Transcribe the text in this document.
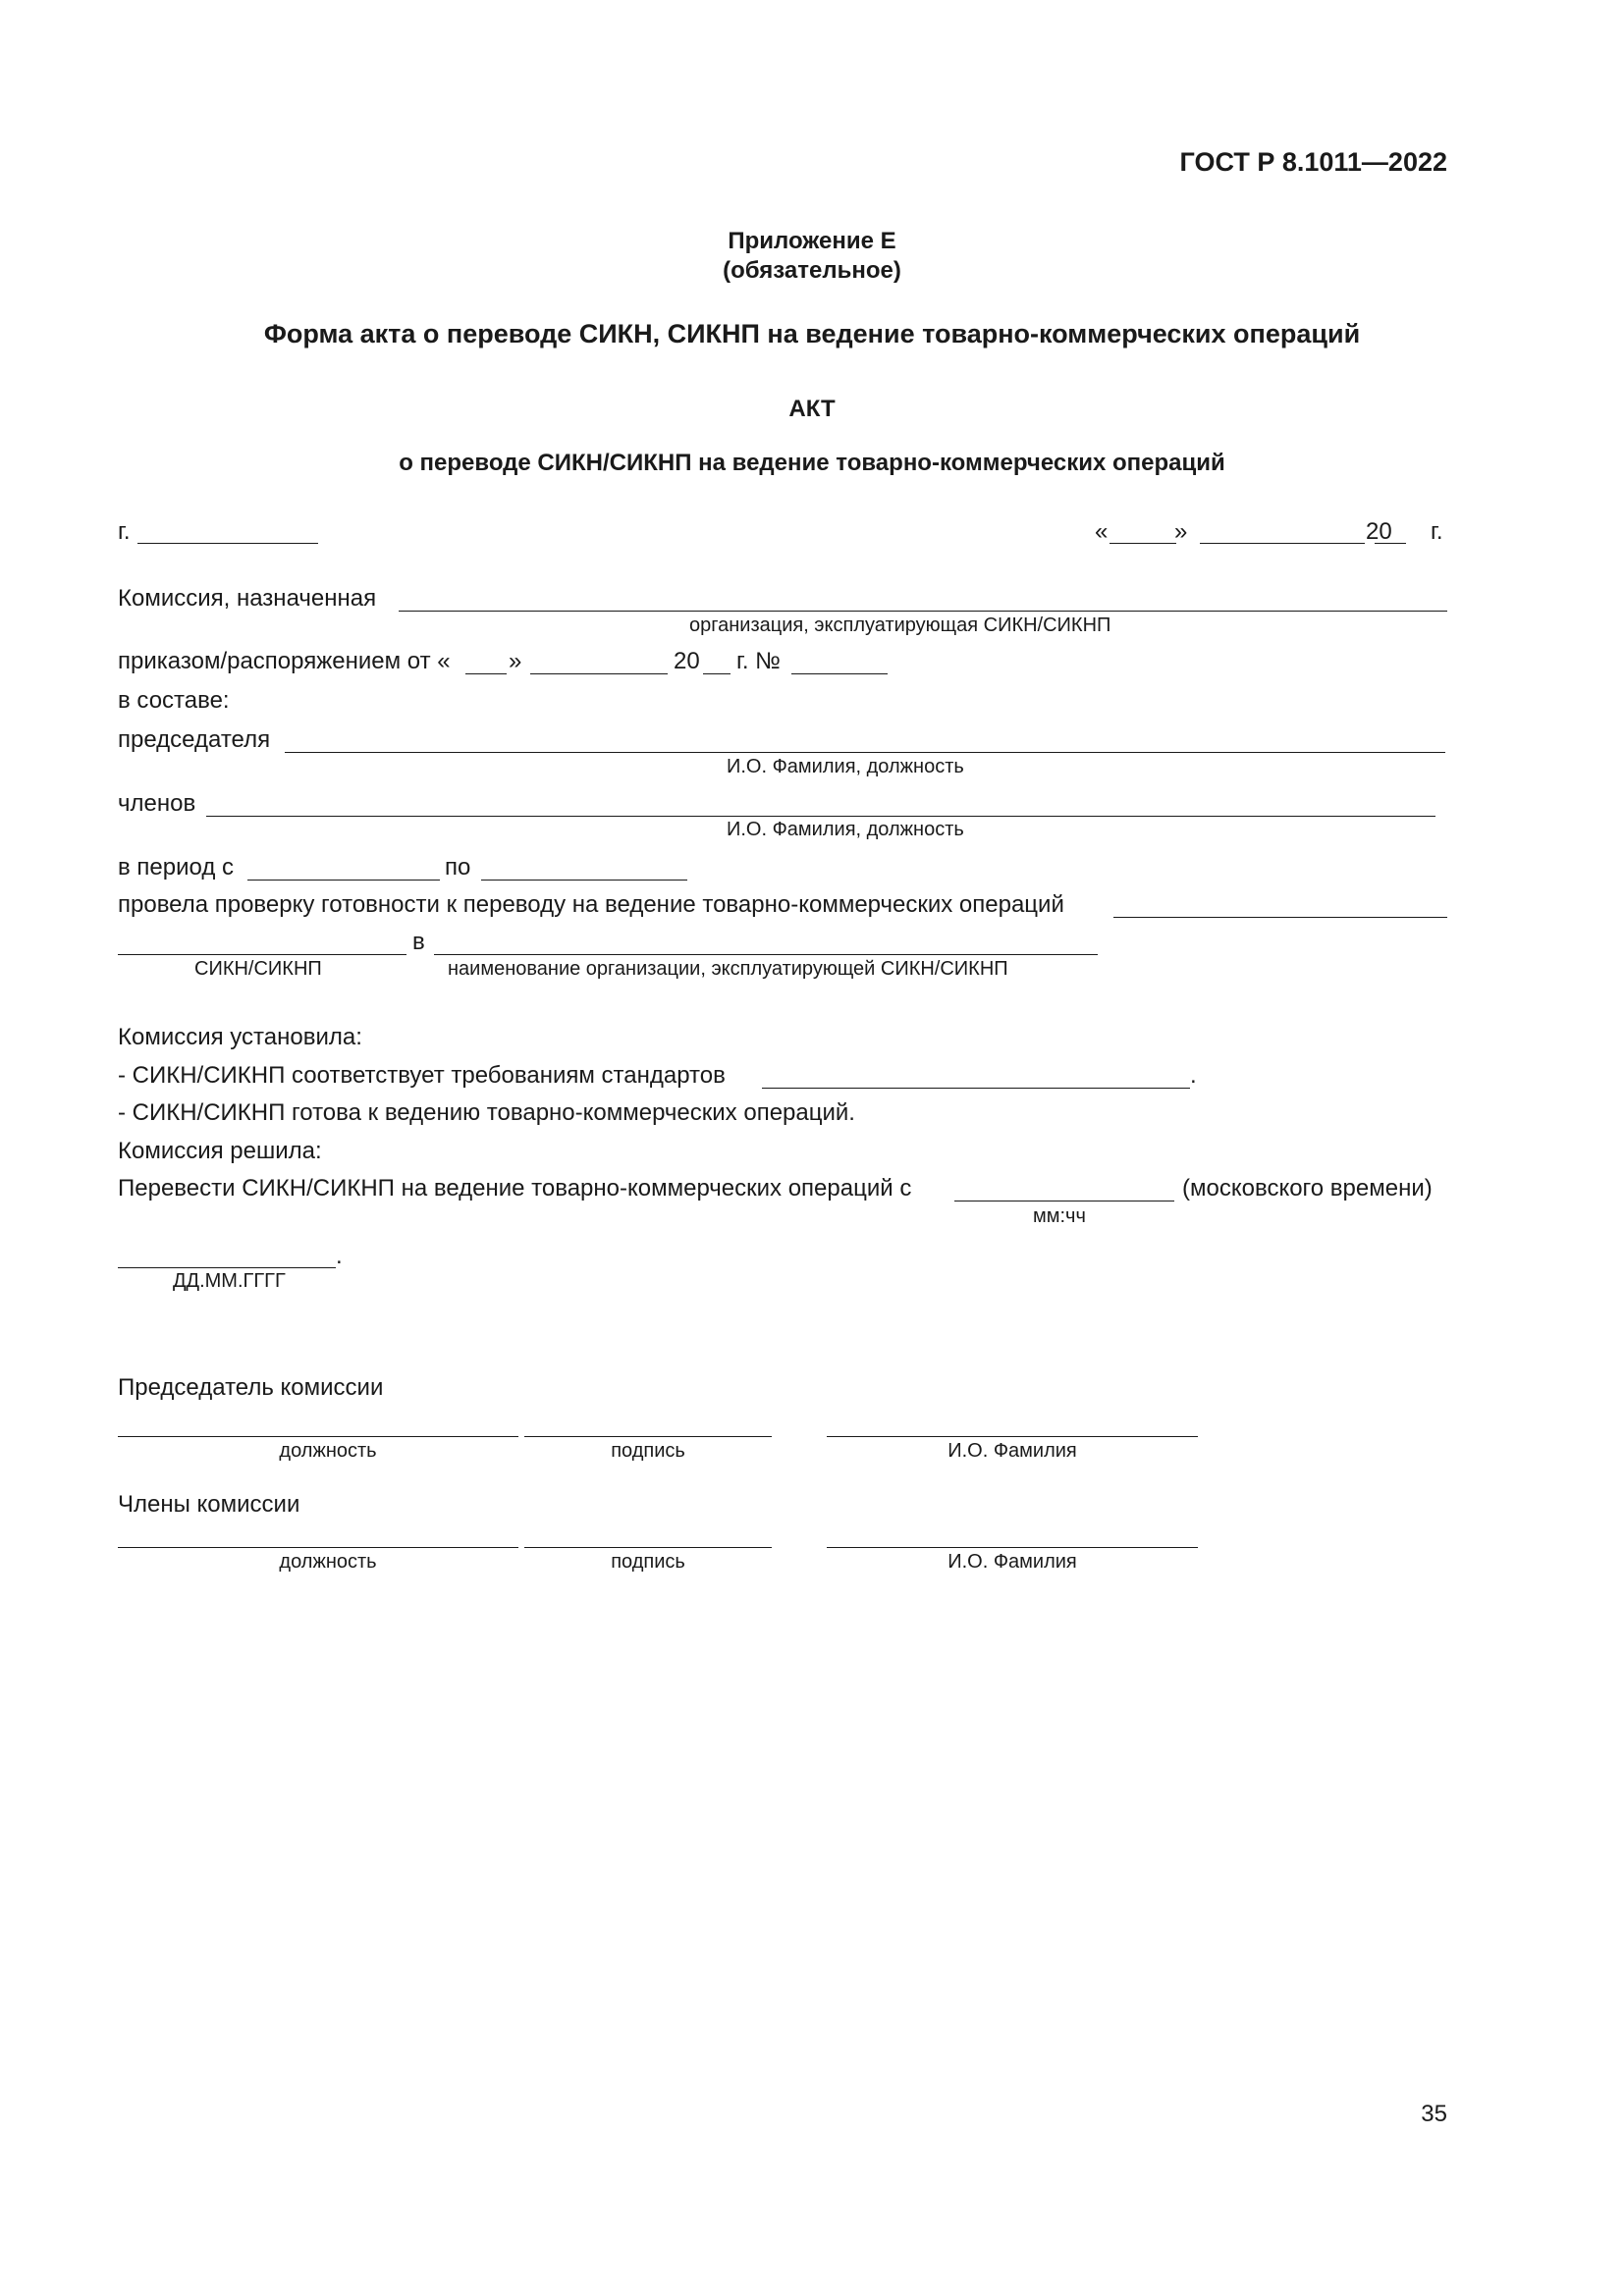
ГОСТ Р 8.1011—2022
Приложение Е
(обязательное)
Форма акта о переводе СИКН, СИКНП на ведение товарно-коммерческих операций
АКТ
о переводе СИКН/СИКНП на ведение товарно-коммерческих операций
г.	«	»	20 г.
Комиссия, назначенная
организация, эксплуатирующая СИКН/СИКНП
приказом/распоряжением от « »	20 г. №
в составе:
председателя
И.О. Фамилия, должность
членов
И.О. Фамилия, должность
в период с	по
провела проверку готовности к переводу на ведение товарно-коммерческих операций
в
СИКН/СИКНП	наименование организации, эксплуатирующей СИКН/СИКНП
Комиссия установила:
- СИКН/СИКНП соответствует требованиям стандартов	.
- СИКН/СИКНП готова к ведению товарно-коммерческих операций.
Комиссия решила:
Перевести СИКН/СИКНП на ведение товарно-коммерческих операций с	(московского времени)
мм:чч
.
ДД.ММ.ГГГГ
Председатель комиссии
должность	подпись	И.О. Фамилия
Члены комиссии
должность	подпись	И.О. Фамилия
35
